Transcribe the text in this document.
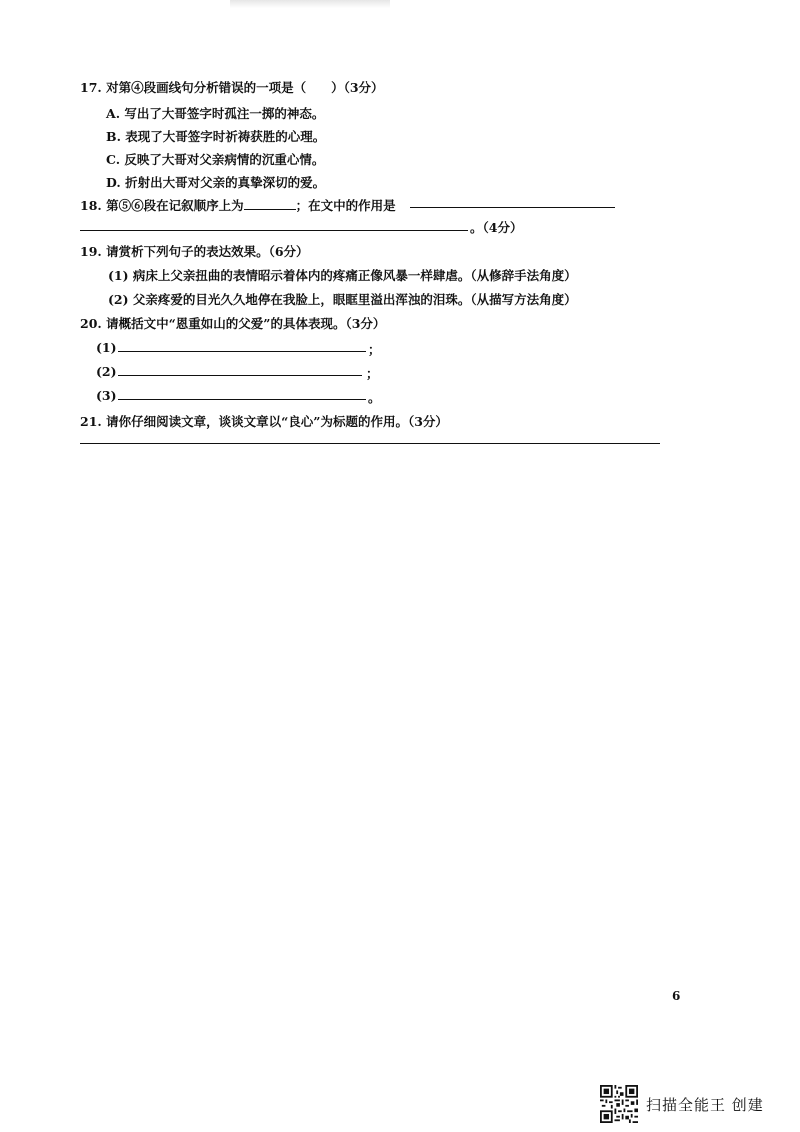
17. 对第④段画线句分析错误的一项是（　　）（3分）
A. 写出了大哥签字时孤注一掷的神态。
B. 表现了大哥签字时祈祷获胜的心理。
C. 反映了大哥对父亲病情的沉重心情。
D. 折射出大哥对父亲的真挚深切的爱。
18. 第⑤⑥段在记叙顺序上为	；在文中的作用是
。（4分）
19. 请赏析下列句子的表达效果。（6分）
(1) 病床上父亲扭曲的表情昭示着体内的疼痛正像风暴一样肆虐。（从修辞手法角度）
(2) 父亲疼爱的目光久久地停在我脸上，眼眶里溢出浑浊的泪珠。（从描写方法角度）
20. 请概括文中“恩重如山的父爱”的具体表现。（3分）
(1)	；
(2)	；
(3)	。
21. 请你仔细阅读文章，谈谈文章以“良心”为标题的作用。（3分）
6
扫描全能王 创建
